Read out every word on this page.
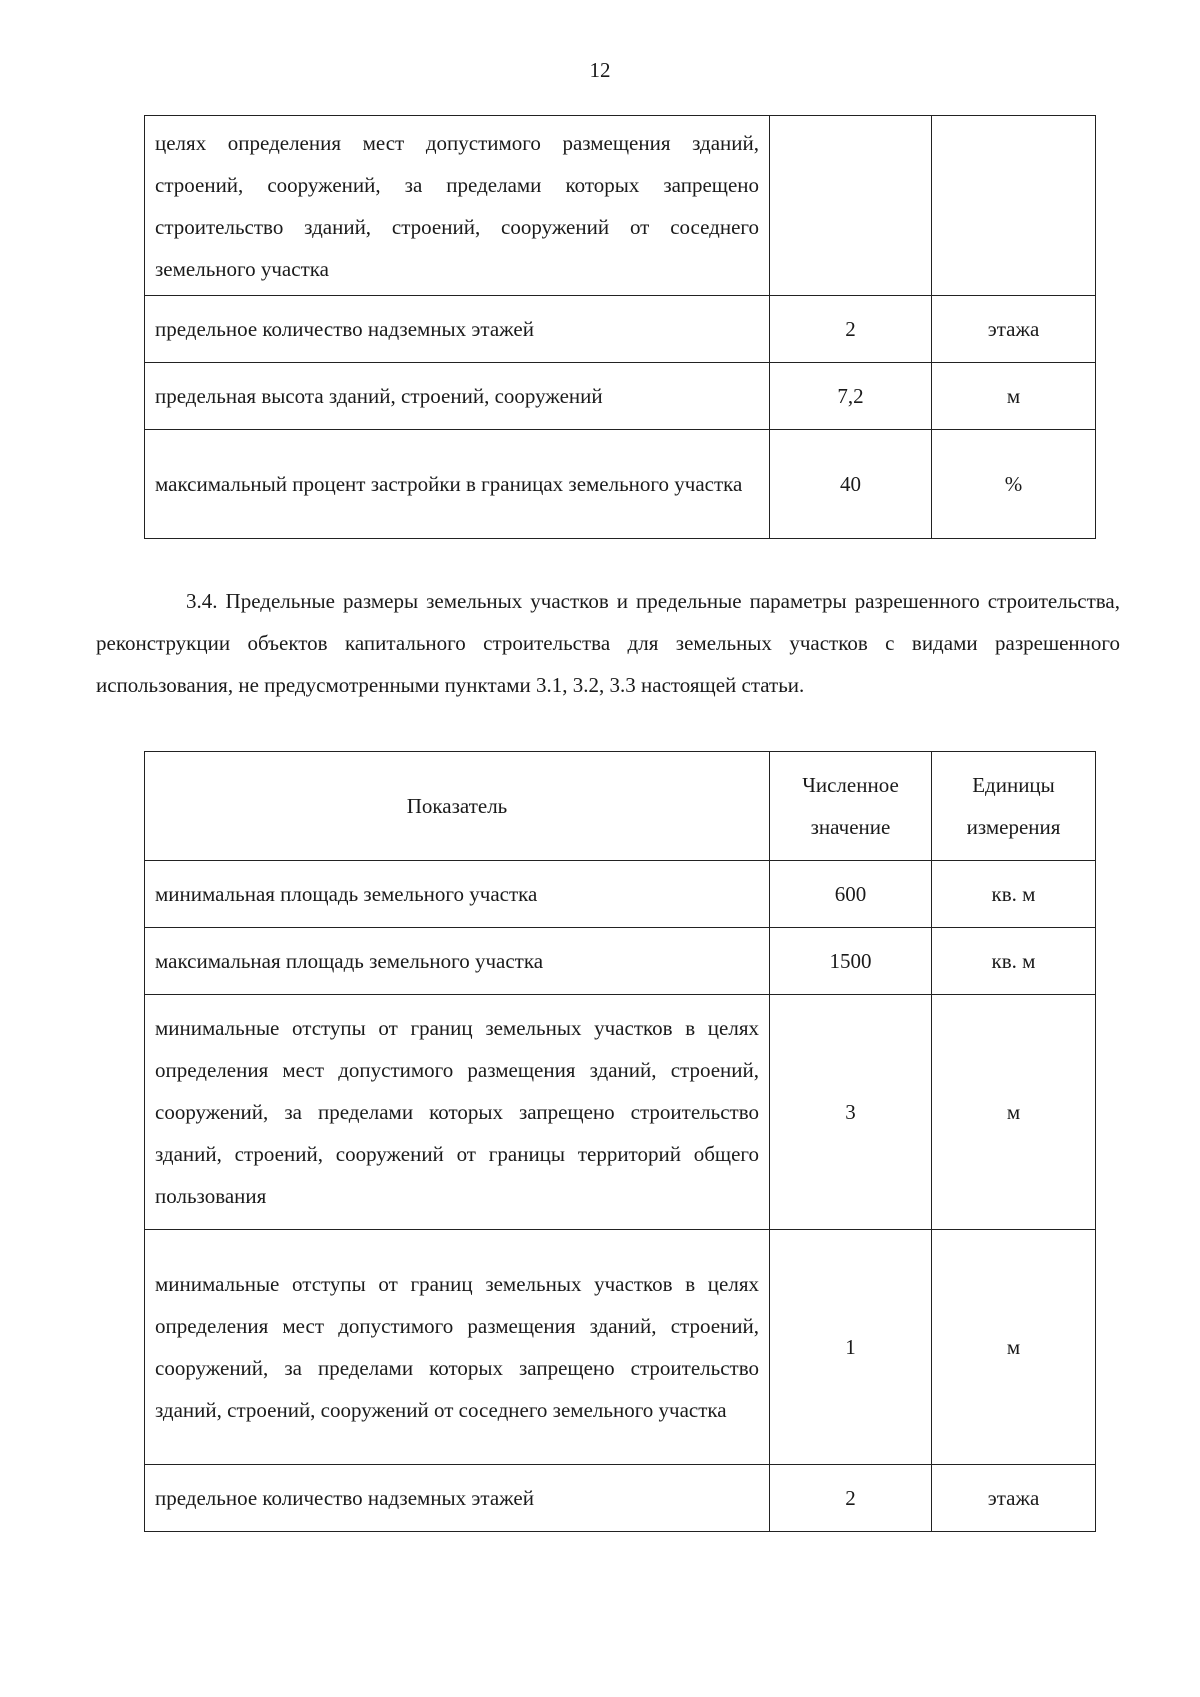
12
целях определения мест допустимого размещения зданий, строений, сооружений, за пределами которых запрещено строительство зданий, строений, сооружений от соседнего земельного участка		
предельное количество надземных этажей	2	этажа
предельная высота зданий, строений, сооружений	7,2	м
максимальный процент застройки в границах земельного участка	40	%

3.4. Предельные размеры земельных участков и предельные параметры разрешенного строительства, реконструкции объектов капитального строительства для земельных участков с видами разрешенного использования, не предусмотренными пунктами 3.1, 3.2, 3.3 настоящей статьи.

Показатель	Численное значение	Единицы измерения
минимальная площадь земельного участка	600	кв. м
максимальная площадь земельного участка	1500	кв. м
минимальные отступы от границ земельных участков в целях определения мест допустимого размещения зданий, строений, сооружений, за пределами которых запрещено строительство зданий, строений, сооружений от границы территорий общего пользования	3	м
минимальные отступы от границ земельных участков в целях определения мест допустимого размещения зданий, строений, сооружений, за пределами которых запрещено строительство зданий, строений, сооружений от соседнего земельного участка	1	м
предельное количество надземных этажей	2	этажа
